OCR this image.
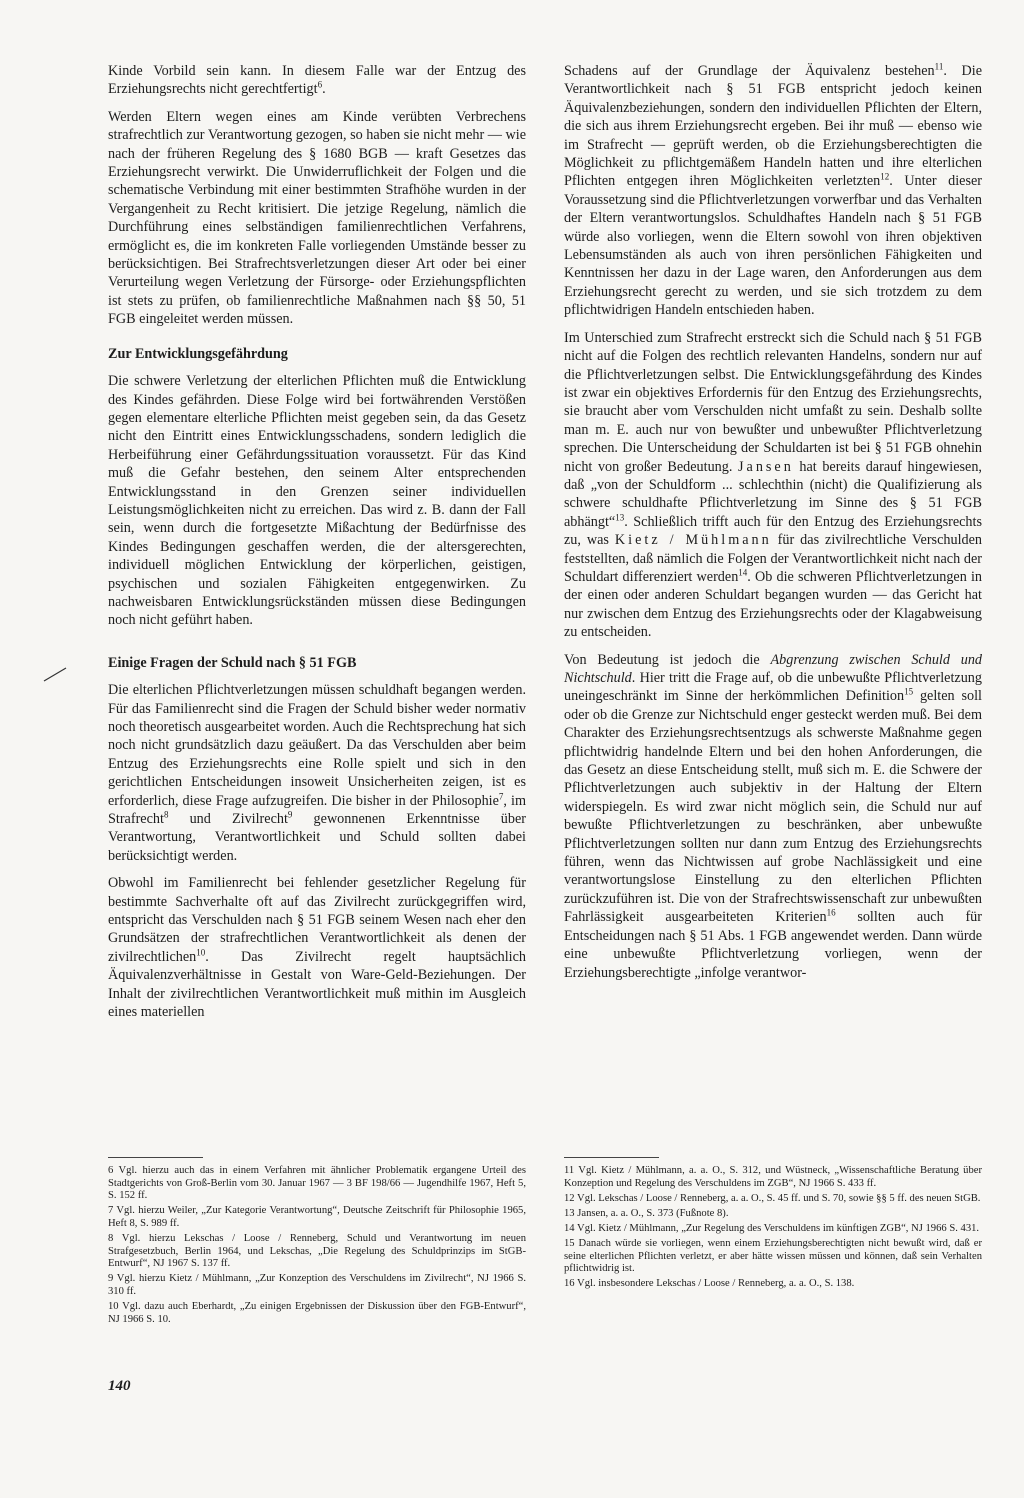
Kinde Vorbild sein kann. In diesem Falle war der Entzug des Erziehungsrechts nicht gerechtfertigt$^6$.

Werden Eltern wegen eines am Kinde verübten Verbrechens strafrechtlich zur Verantwortung gezogen, so haben sie nicht mehr — wie nach der früheren Regelung des § 1680 BGB — kraft Gesetzes das Erziehungsrecht verwirkt. Die Unwiderruflichkeit der Folgen und die schematische Verbindung mit einer bestimmten Strafhöhe wurden in der Vergangenheit zu Recht kritisiert. Die jetzige Regelung, nämlich die Durchführung eines selbständigen familienrechtlichen Verfahrens, ermöglicht es, die im konkreten Falle vorliegenden Umstände besser zu berücksichtigen. Bei Strafrechtsverletzungen dieser Art oder bei einer Verurteilung wegen Verletzung der Fürsorge- oder Erziehungspflichten ist stets zu prüfen, ob familienrechtliche Maßnahmen nach §§ 50, 51 FGB eingeleitet werden müssen.

Zur Entwicklungsgefährdung

Die schwere Verletzung der elterlichen Pflichten muß die Entwicklung des Kindes gefährden. Diese Folge wird bei fortwährenden Verstößen gegen elementare elterliche Pflichten meist gegeben sein, da das Gesetz nicht den Eintritt eines Entwicklungsschadens, sondern lediglich die Herbeiführung einer Gefährdungssituation voraussetzt. Für das Kind muß die Gefahr bestehen, den seinem Alter entsprechenden Entwicklungsstand in den Grenzen seiner individuellen Leistungsmöglichkeiten nicht zu erreichen. Das wird z. B. dann der Fall sein, wenn durch die fortgesetzte Mißachtung der Bedürfnisse des Kindes Bedingungen geschaffen werden, die der altersgerechten, individuell möglichen Entwicklung der körperlichen, geistigen, psychischen und sozialen Fähigkeiten entgegenwirken. Zu nachweisbaren Entwicklungsrückständen müssen diese Bedingungen noch nicht geführt haben.

Einige Fragen der Schuld nach § 51 FGB

Die elterlichen Pflichtverletzungen müssen schuldhaft begangen werden. Für das Familienrecht sind die Fragen der Schuld bisher weder normativ noch theoretisch ausgearbeitet worden. Auch die Rechtsprechung hat sich noch nicht grundsätzlich dazu geäußert. Da das Verschulden aber beim Entzug des Erziehungsrechts eine Rolle spielt und sich in den gerichtlichen Entscheidungen insoweit Unsicherheiten zeigen, ist es erforderlich, diese Frage aufzugreifen. Die bisher in der Philosophie$^7$, im Strafrecht$^8$ und Zivilrecht$^9$ gewonnenen Erkenntnisse über Verantwortung, Verantwortlichkeit und Schuld sollten dabei berücksichtigt werden.

Obwohl im Familienrecht bei fehlender gesetzlicher Regelung für bestimmte Sachverhalte oft auf das Zivilrecht zurückgegriffen wird, entspricht das Verschulden nach § 51 FGB seinem Wesen nach eher den Grundsätzen der strafrechtlichen Verantwortlichkeit als denen der zivilrechtlichen$^{10}$. Das Zivilrecht regelt hauptsächlich Äquivalenzverhältnisse in Gestalt von Ware-Geld-Beziehungen. Der Inhalt der zivilrechtlichen Verantwortlichkeit muß mithin im Ausgleich eines materiellen

Schadens auf der Grundlage der Äquivalenz bestehen$^{11}$. Die Verantwortlichkeit nach § 51 FGB entspricht jedoch keinen Äquivalenzbeziehungen, sondern den individuellen Pflichten der Eltern, die sich aus ihrem Erziehungsrecht ergeben. Bei ihr muß — ebenso wie im Strafrecht — geprüft werden, ob die Erziehungsberechtigten die Möglichkeit zu pflichtgemäßem Handeln hatten und ihre elterlichen Pflichten entgegen ihren Möglichkeiten verletzten$^{12}$. Unter dieser Voraussetzung sind die Pflichtverletzungen vorwerfbar und das Verhalten der Eltern verantwortungslos. Schuldhaftes Handeln nach § 51 FGB würde also vorliegen, wenn die Eltern sowohl von ihren objektiven Lebensumständen als auch von ihren persönlichen Fähigkeiten und Kenntnissen her dazu in der Lage waren, den Anforderungen aus dem Erziehungsrecht gerecht zu werden, und sie sich trotzdem zu dem pflichtwidrigen Handeln entschieden haben.

Im Unterschied zum Strafrecht erstreckt sich die Schuld nach § 51 FGB nicht auf die Folgen des rechtlich relevanten Handelns, sondern nur auf die Pflichtverletzungen selbst. Die Entwicklungsgefährdung des Kindes ist zwar ein objektives Erfordernis für den Entzug des Erziehungsrechts, sie braucht aber vom Verschulden nicht umfaßt zu sein. Deshalb sollte man m. E. auch nur von bewußter und unbewußter Pflichtverletzung sprechen. Die Unterscheidung der Schuldarten ist bei § 51 FGB ohnehin nicht von großer Bedeutung. Jansen hat bereits darauf hingewiesen, daß „von der Schuldform ... schlechthin (nicht) die Qualifizierung als schwere schuldhafte Pflichtverletzung im Sinne des § 51 FGB abhängt“$^{13}$. Schließlich trifft auch für den Entzug des Erziehungsrechts zu, was Kietz / Mühlmann für das zivilrechtliche Verschulden feststellten, daß nämlich die Folgen der Verantwortlichkeit nicht nach der Schuldart differenziert werden$^{14}$. Ob die schweren Pflichtverletzungen in der einen oder anderen Schuldart begangen wurden — das Gericht hat nur zwischen dem Entzug des Erziehungsrechts oder der Klagabweisung zu entscheiden.

Von Bedeutung ist jedoch die Abgrenzung zwischen Schuld und Nichtschuld. Hier tritt die Frage auf, ob die unbewußte Pflichtverletzung uneingeschränkt im Sinne der herkömmlichen Definition$^{15}$ gelten soll oder ob die Grenze zur Nichtschuld enger gesteckt werden muß. Bei dem Charakter des Erziehungsrechtsentzugs als schwerste Maßnahme gegen pflichtwidrig handelnde Eltern und bei den hohen Anforderungen, die das Gesetz an diese Entscheidung stellt, muß sich m. E. die Schwere der Pflichtverletzungen auch subjektiv in der Haltung der Eltern widerspiegeln. Es wird zwar nicht möglich sein, die Schuld nur auf bewußte Pflichtverletzungen zu beschränken, aber unbewußte Pflichtverletzungen sollten nur dann zum Entzug des Erziehungsrechts führen, wenn das Nichtwissen auf grobe Nachlässigkeit und eine verantwortungslose Einstellung zu den elterlichen Pflichten zurückzuführen ist. Die von der Strafrechtswissenschaft zur unbewußten Fahrlässigkeit ausgearbeiteten Kriterien$^{16}$ sollten auch für Entscheidungen nach § 51 Abs. 1 FGB angewendet werden. Dann würde eine unbewußte Pflichtverletzung vorliegen, wenn der Erziehungsberechtigte „infolge verantwor-

6 Vgl. hierzu auch das in einem Verfahren mit ähnlicher Problematik ergangene Urteil des Stadtgerichts von Groß-Berlin vom 30. Januar 1967 — 3 BF 198/66 — Jugendhilfe 1967, Heft 5, S. 152 ff.

7 Vgl. hierzu Weiler, „Zur Kategorie Verantwortung“, Deutsche Zeitschrift für Philosophie 1965, Heft 8, S. 989 ff.

8 Vgl. hierzu Lekschas / Loose / Renneberg, Schuld und Verantwortung im neuen Strafgesetzbuch, Berlin 1964, und Lekschas, „Die Regelung des Schuldprinzips im StGB-Entwurf“, NJ 1967 S. 137 ff.

9 Vgl. hierzu Kietz / Mühlmann, „Zur Konzeption des Verschuldens im Zivilrecht“, NJ 1966 S. 310 ff.

10 Vgl. dazu auch Eberhardt, „Zu einigen Ergebnissen der Diskussion über den FGB-Entwurf“, NJ 1966 S. 10.

11 Vgl. Kietz / Mühlmann, a. a. O., S. 312, und Wüstneck, „Wissenschaftliche Beratung über Konzeption und Regelung des Verschuldens im ZGB“, NJ 1966 S. 433 ff.

12 Vgl. Lekschas / Loose / Renneberg, a. a. O., S. 45 ff. und S. 70, sowie §§ 5 ff. des neuen StGB.

13 Jansen, a. a. O., S. 373 (Fußnote 8).

14 Vgl. Kietz / Mühlmann, „Zur Regelung des Verschuldens im künftigen ZGB“, NJ 1966 S. 431.

15 Danach würde sie vorliegen, wenn einem Erziehungsberechtigten nicht bewußt wird, daß er seine elterlichen Pflichten verletzt, er aber hätte wissen müssen und können, daß sein Verhalten pflichtwidrig ist.

16 Vgl. insbesondere Lekschas / Loose / Renneberg, a. a. O., S. 138.

140
